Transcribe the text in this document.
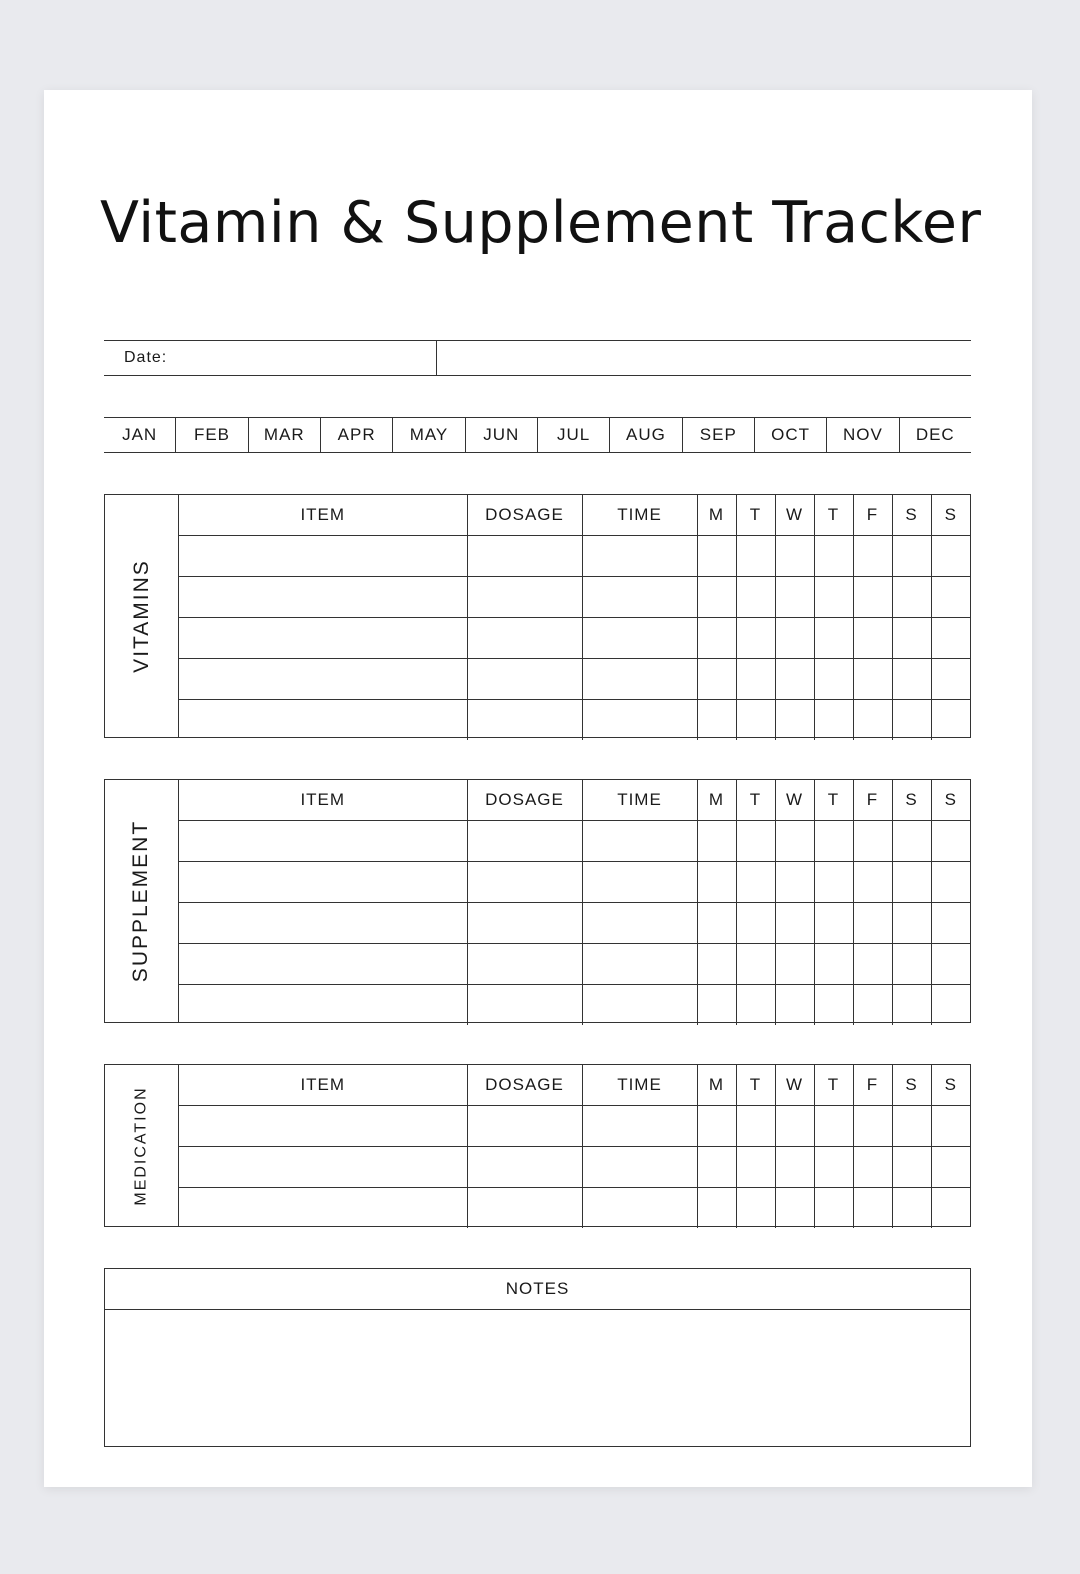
Vitamin & Supplement Tracker
Date:
JAN	FEB	MAR	APR	MAY	JUN	JUL	AUG	SEP	OCT	NOV	DEC
VITAMINS
ITEM	DOSAGE	TIME	M	T	W	T	F	S	S

SUPPLEMENT
ITEM	DOSAGE	TIME	M	T	W	T	F	S	S

MEDICATION
ITEM	DOSAGE	TIME	M	T	W	T	F	S	S

NOTES
